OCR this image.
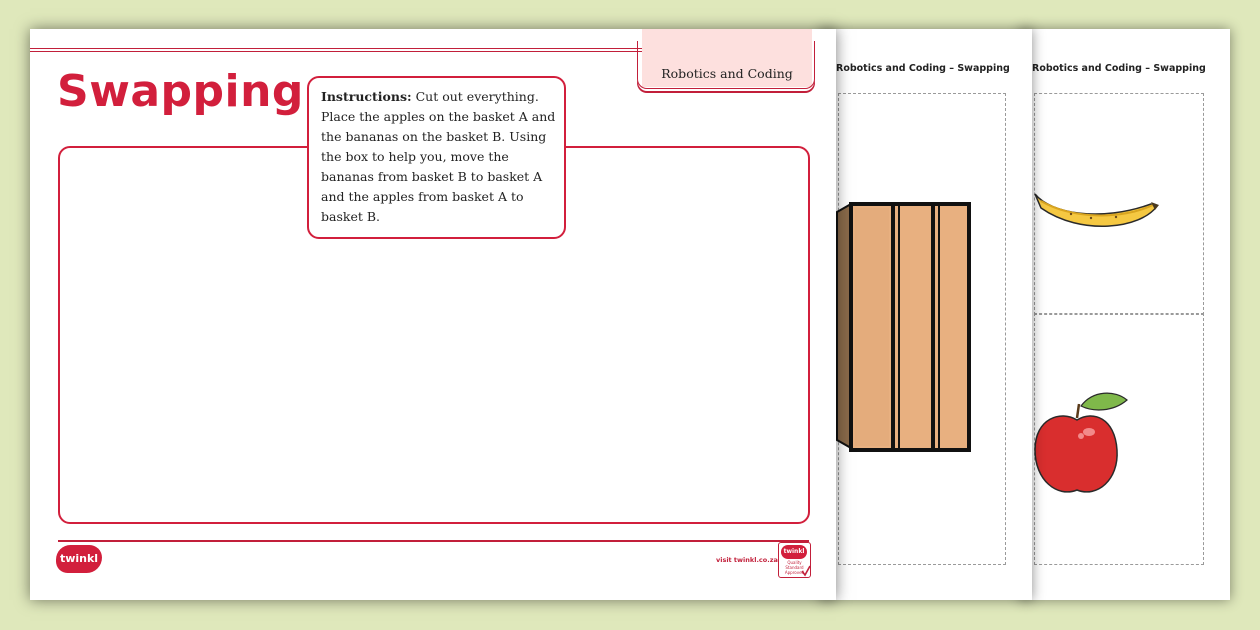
Robotics and Coding – Swapping
Robotics and Coding – Swapping
Robotics and Coding
Swapping	Instructions: Cut out everything. Place the apples on the basket A and the bananas on the basket B. Using the box to help you, move the bananas from basket B to basket A and the apples from basket A to basket B.
twinkl	visit twinkl.co.za
twinkl
Quality Standard Approved
